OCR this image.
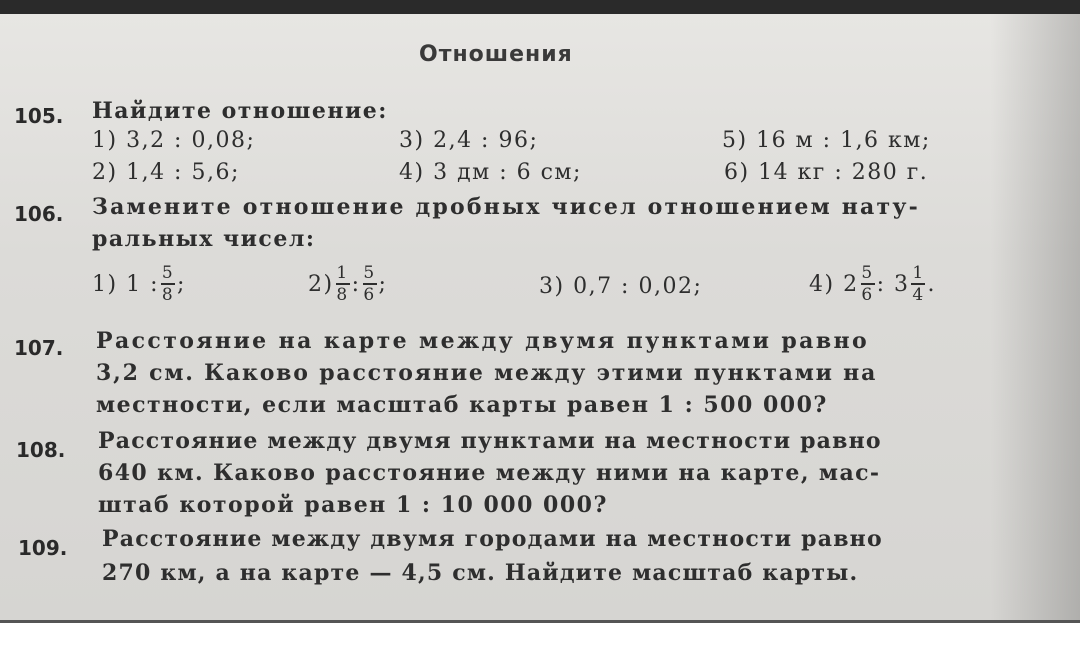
Отношения
105. Найдите отношение:
1) 3,2 : 0,08;	3) 2,4 : 96;	5) 16 м : 1,6 км;
2) 1,4 : 5,6;	4) 3 дм : 6 см;	6) 14 кг : 280 г.
106. Замените отношение дробных чисел отношением нату-
ральных чисел:
1) 1 : $\frac{5}{8}$ ;	$2) \frac{1}{8}$ : $\frac{5}{6}$ ;	3) 0,7 : 0,02;	4) $2 \frac{5}{6}$ : $3 \frac{1}{4}$ .
107. Расстояние на карте между двумя пунктами равно
3,2 см. Каково расстояние между этими пунктами на
местности, если масштаб карты равен 1 : 500 000?
108. Расстояние между двумя пунктами на местности равно
640 км. Каково расстояние между ними на карте, мас-
штаб которой равен 1 : 10 000 000?
109. Расстояние между двумя городами на местности равно
270 км, а на карте — 4,5 см. Найдите масштаб карты.
